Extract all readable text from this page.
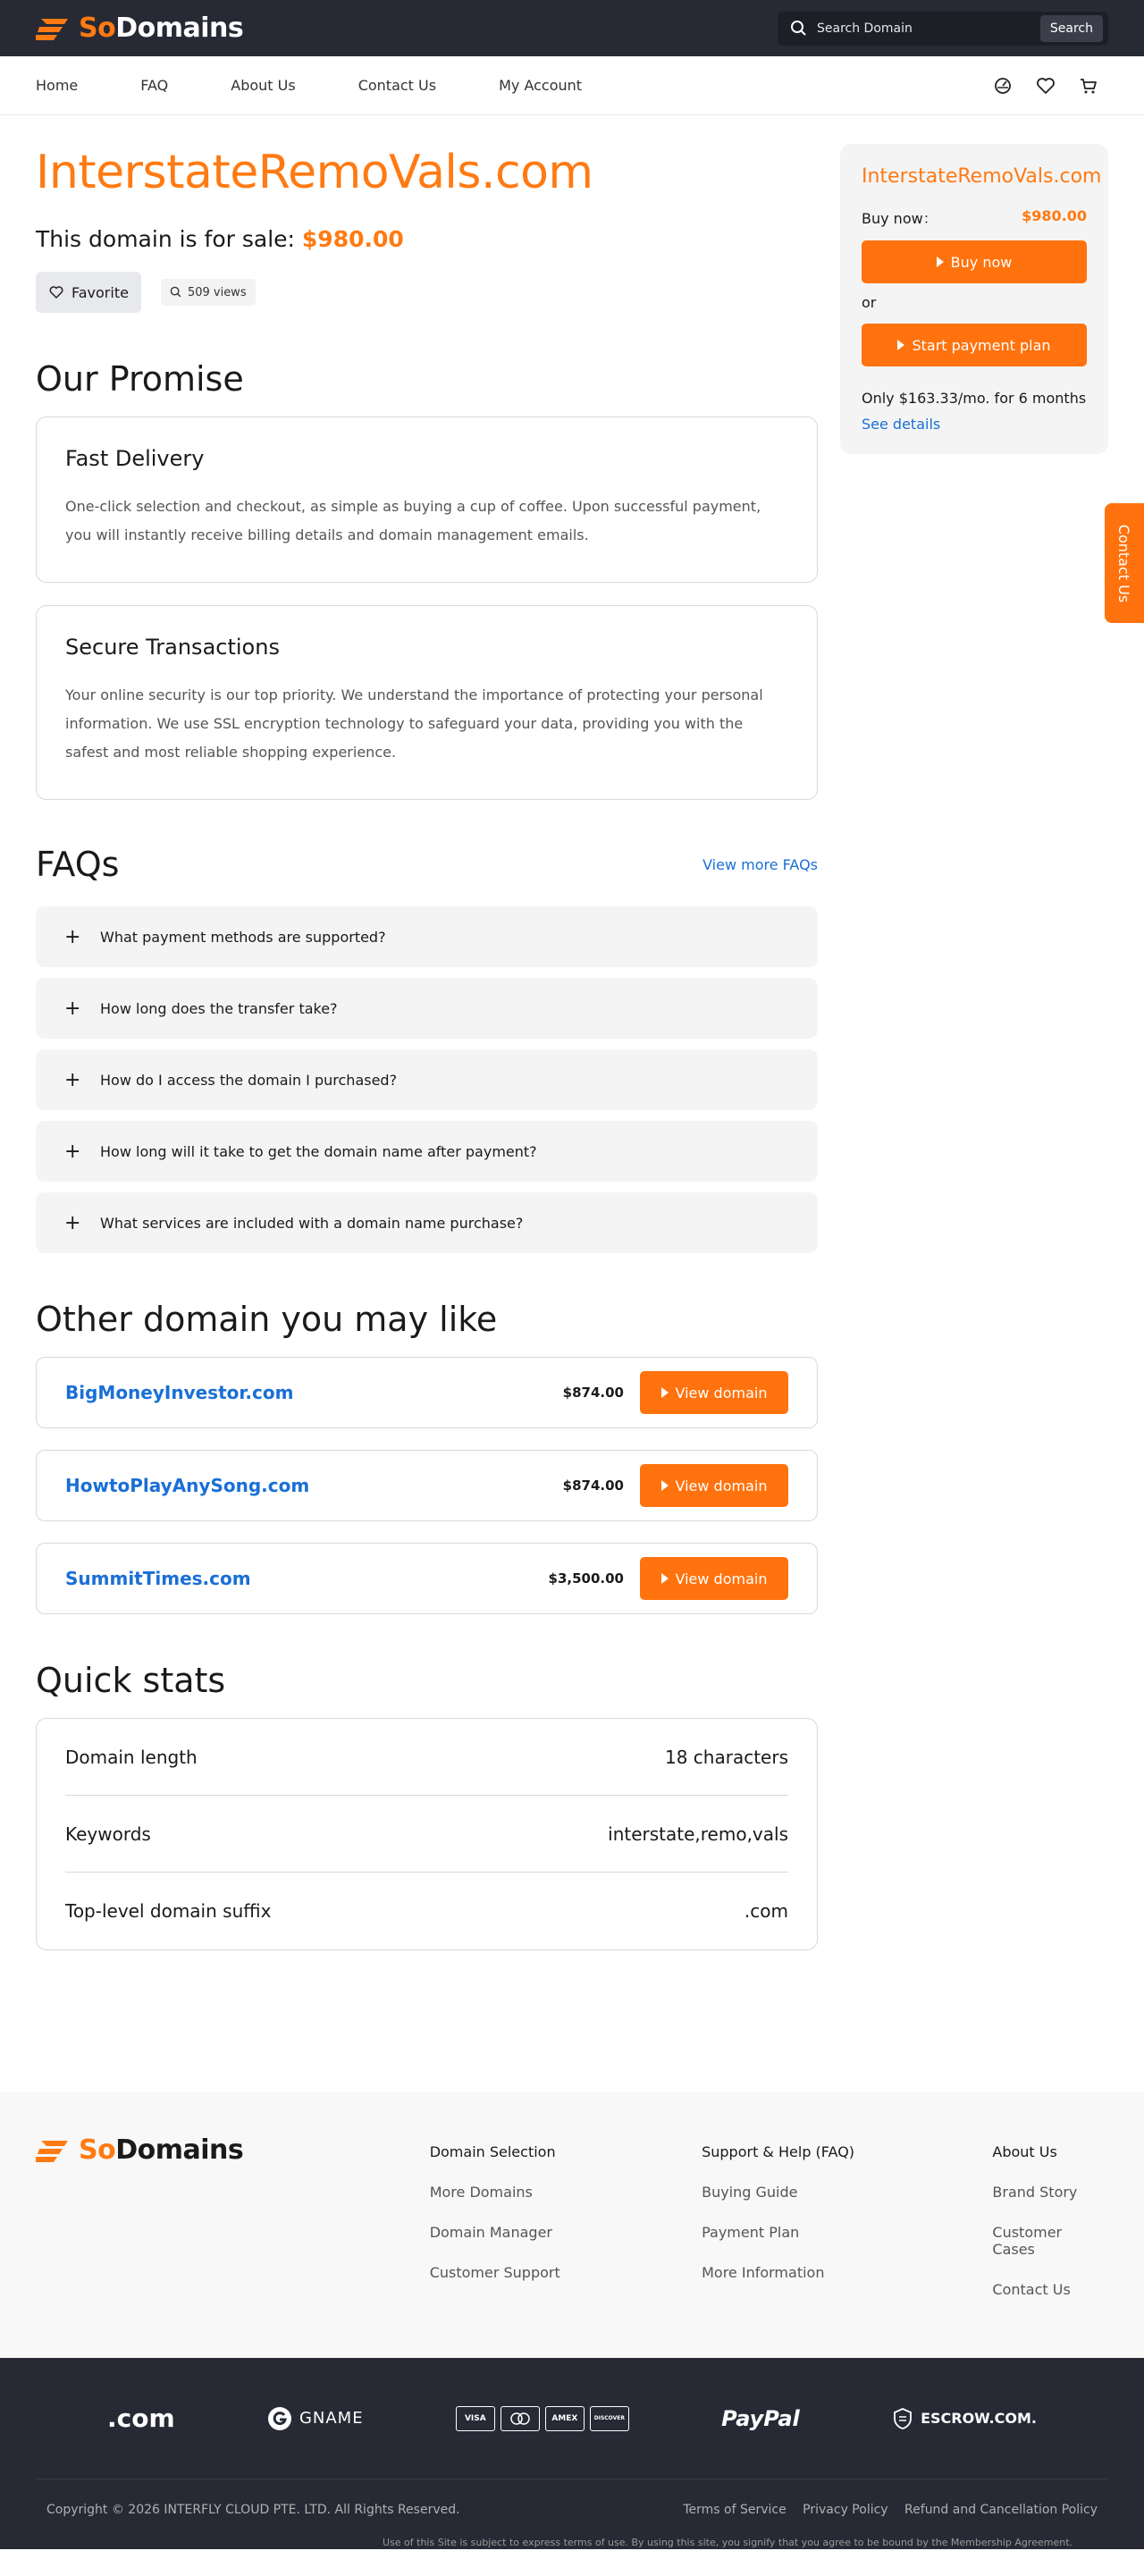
SoDomains
Search Domain	Search
Home	FAQ	About Us	Contact Us	My Account
InterstateRemoVals.com
This domain is for sale: $980.00
Favorite	509 views
Our Promise
Fast Delivery

One-click selection and checkout, as simple as buying a cup of coffee. Upon successful payment, you will instantly receive billing details and domain management emails.

Secure Transactions

Your online security is our top priority. We understand the importance of protecting your personal information. We use SSL encryption technology to safeguard your data, providing you with the safest and most reliable shopping experience.

FAQs	View more FAQs
+	What payment methods are supported?
+	How long does the transfer take?
+	How do I access the domain I purchased?
+	How long will it take to get the domain name after payment?
+	What services are included with a domain name purchase?
Other domain you may like
BigMoneyInvestor.com	$874.00	View domain
HowtoPlayAnySong.com	$874.00	View domain
SummitTimes.com	$3,500.00	View domain
Quick stats
Domain length	18 characters
Keywords	interstate,remo,vals
Top-level domain suffix	.com
InterstateRemoVals.com
Buy now：	$980.00
Buy now
or
Start payment plan
Only $163.33/mo. for 6 months
See details
Contact Us
SoDomains	Domain Selection
More Domains
Domain Manager
Customer Support
Support & Help (FAQ)
Buying Guide
Payment Plan
More Information
About Us
Brand Story
Customer Cases
Contact Us
.com	GNAME	VISA	AMEX	DISCOVER	PayPal	ESCROW.COM.
Copyright © 2026 INTERFLY CLOUD PTE. LTD. All Rights Reserved.	Terms of Service Privacy Policy Refund and Cancellation Policy
Use of this Site is subject to express terms of use. By using this site, you signify that you agree to be bound by the Membership Agreement.
